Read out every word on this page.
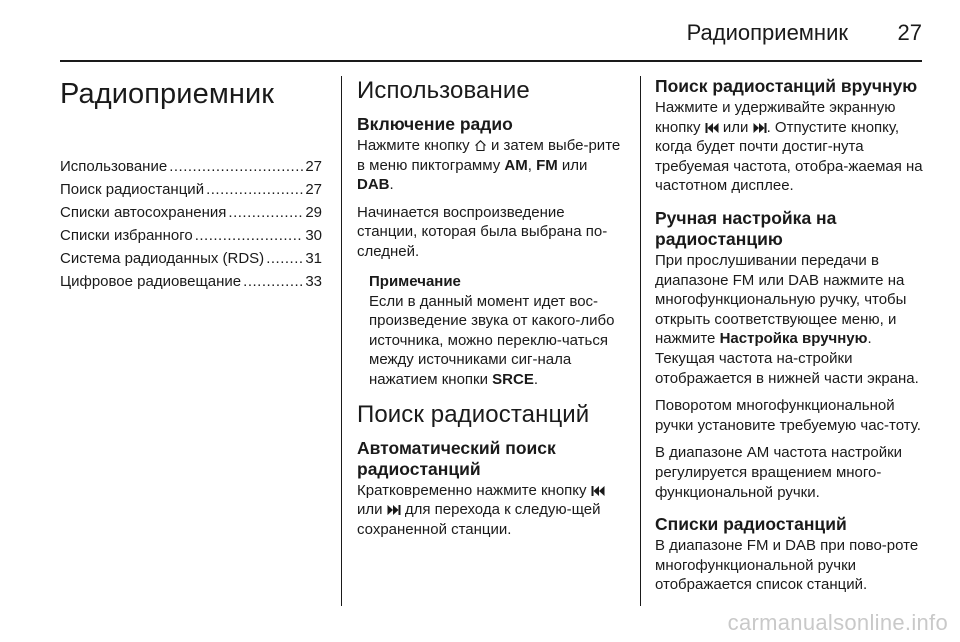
Радиоприемник 27
Радиоприемник
Использование .....	27
Поиск радиостанций .....	27
Списки автосохранения .....	29
Списки избранного .....	30
Система радиоданных (RDS) .....	31
Цифровое радиовещание .....	33
Использование
Включение радио
Нажмите кнопку
и затем выбе-рите в меню пиктограмму AM, FM или DAB.
Начинается воспроизведение станции, которая была выбрана по-следней.
Примечание
Если в данный момент идет вос-произведение звука от какого-либо источника, можно переклю-чаться между источниками сиг-нала нажатием кнопки SRCE.
Поиск радиостанций
Автоматический поиск радиостанций
Кратковременно нажмите кнопку
или
для перехода к следую-щей сохраненной станции.
Поиск радиостанций вручную
Нажмите и удерживайте экранную кнопку
или
. Отпустите кнопку, когда будет почти достиг-нута требуемая частота, отобра-жаемая на частотном дисплее.
Ручная настройка на радиостанцию
При прослушивании передачи в диапазоне FM или DAB нажмите на многофункциональную ручку, чтобы открыть соответствующее меню, и нажмите Настройка вручную. Текущая частота на-стройки отображается в нижней части экрана.
Поворотом многофункциональной ручки установите требуемую час-тоту.
В диапазоне AM частота настройки регулируется вращением много-функциональной ручки.
Списки радиостанций
В диапазоне FM и DAB при пово-роте многофункциональной ручки отображается список станций.
carmanualsonline.info
